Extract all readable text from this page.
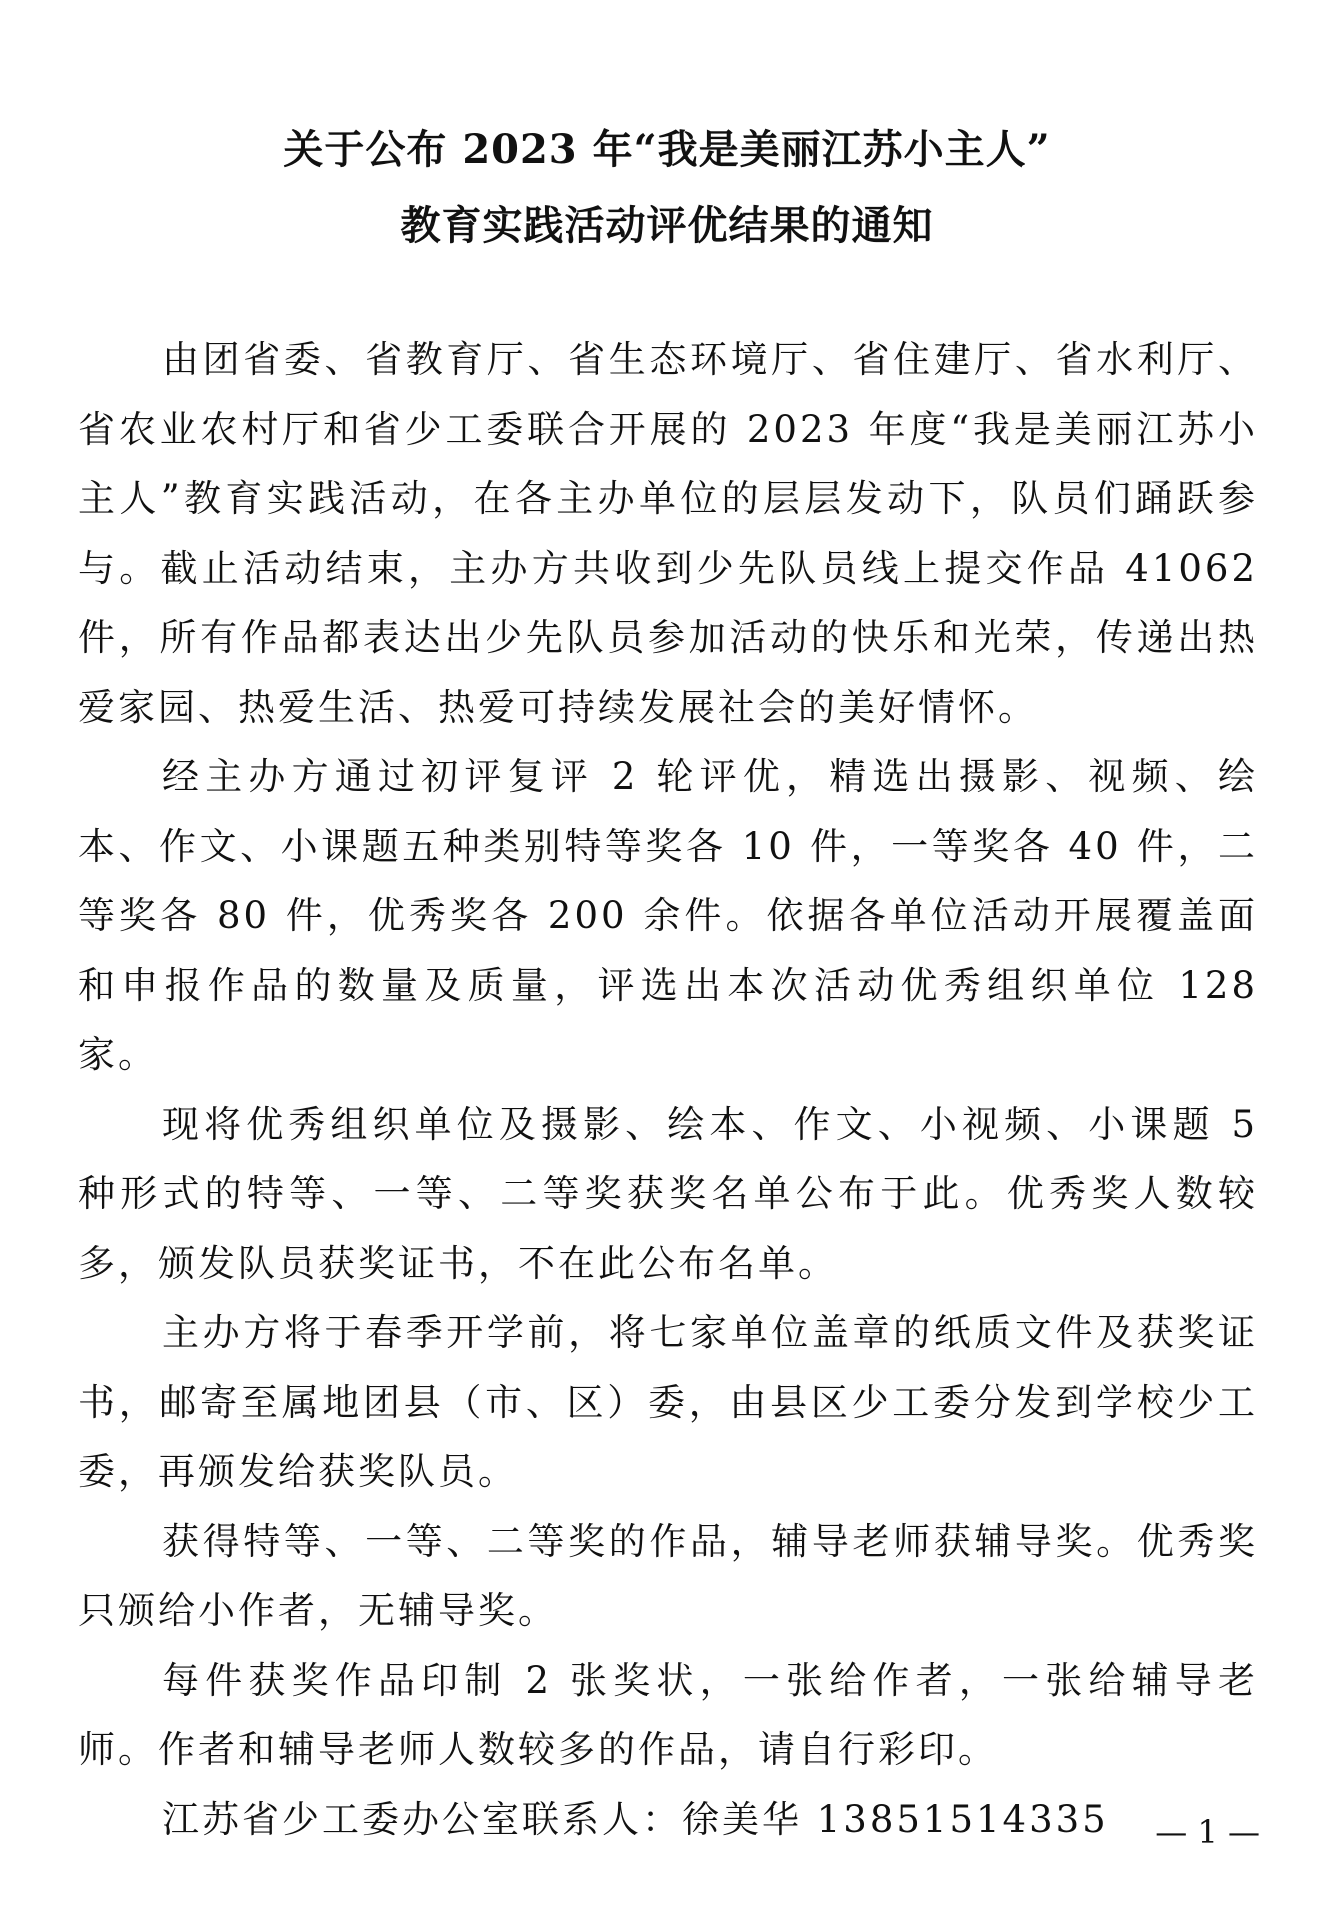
关于公布 2023 年“我是美丽江苏小主人”
教育实践活动评优结果的通知

由团省委、省教育厅、省生态环境厅、省住建厅、省水利厅、省农业农村厅和省少工委联合开展的 2023 年度“我是美丽江苏小主人”教育实践活动，在各主办单位的层层发动下，队员们踊跃参与。截止活动结束，主办方共收到少先队员线上提交作品 41062 件，所有作品都表达出少先队员参加活动的快乐和光荣，传递出热爱家园、热爱生活、热爱可持续发展社会的美好情怀。

经主办方通过初评复评 2 轮评优，精选出摄影、视频、绘本、作文、小课题五种类别特等奖各 10 件，一等奖各 40 件，二等奖各 80 件，优秀奖各 200 余件。依据各单位活动开展覆盖面和申报作品的数量及质量，评选出本次活动优秀组织单位 128 家。

现将优秀组织单位及摄影、绘本、作文、小视频、小课题 5 种形式的特等、一等、二等奖获奖名单公布于此。优秀奖人数较多，颁发队员获奖证书，不在此公布名单。

主办方将于春季开学前，将七家单位盖章的纸质文件及获奖证书，邮寄至属地团县（市、区）委，由县区少工委分发到学校少工委，再颁发给获奖队员。

获得特等、一等、二等奖的作品，辅导老师获辅导奖。优秀奖只颁给小作者，无辅导奖。

每件获奖作品印制 2 张奖状，一张给作者，一张给辅导老师。作者和辅导老师人数较多的作品，请自行彩印。

江苏省少工委办公室联系人：徐美华 13851514335	— 1 —
